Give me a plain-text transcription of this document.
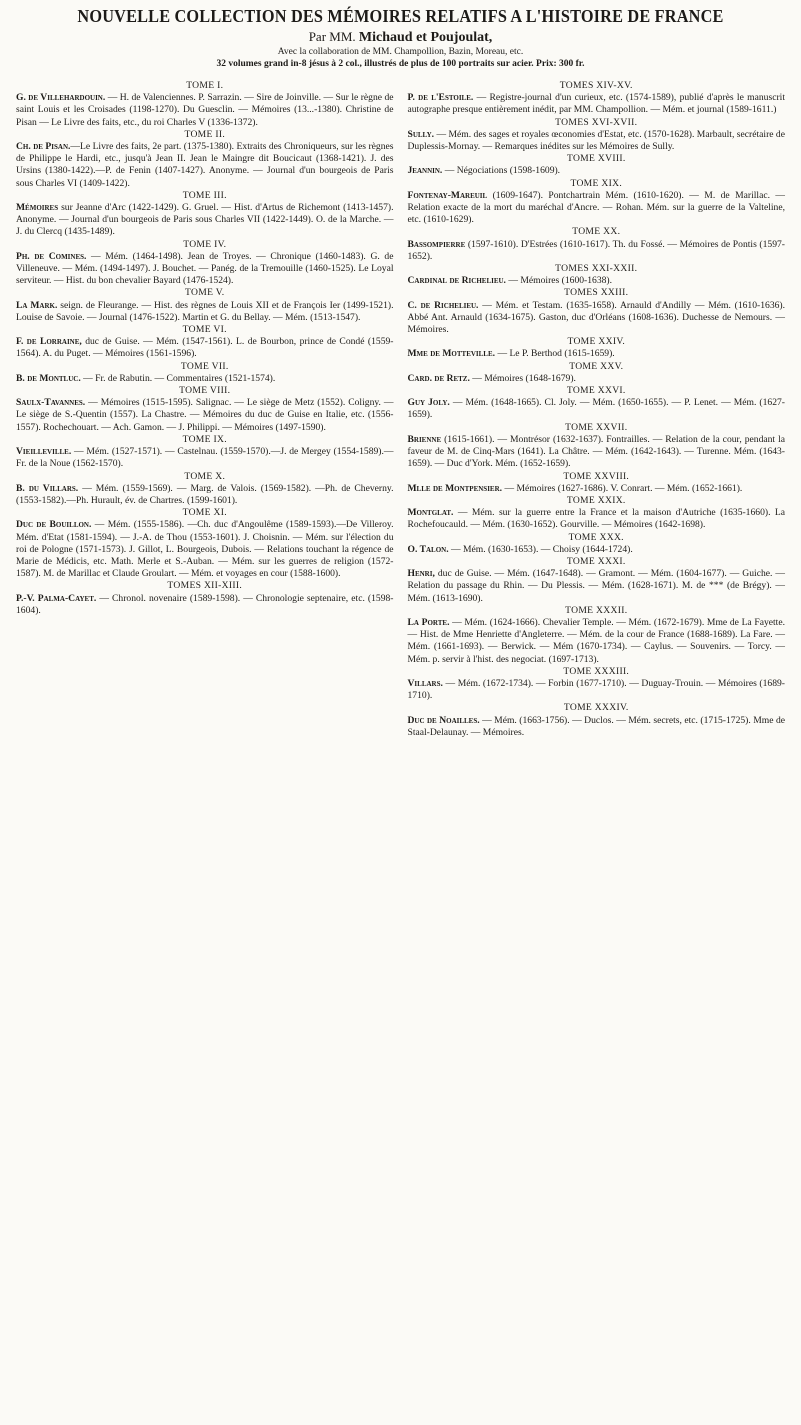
NOUVELLE COLLECTION DES MÉMOIRES RELATIFS A L'HISTOIRE DE FRANCE
Par MM. Michaud et Poujoulat,
Avec la collaboration de MM. Champollion, Bazin, Moreau, etc.
32 volumes grand in-8 jésus à 2 col., illustrés de plus de 100 portraits sur acier. Prix: 300 fr.
TOME I.
G. de Villehardouin. — H. de Valenciennes. P. Sarrazin. — Sire de Joinville. — Sur le règne de saint Louis et les Croisades (1198-1270). Du Guesclin. — Mémoires (13...-1380). Christine de Pisan — Le Livre des faits, etc., du roi Charles V (1336-1372).
TOME II.
Ch. de Pisan.—Le Livre des faits, 2e part. (1375-1380). Extraits des Chroniqueurs, sur les règnes de Philippe le Hardi, etc., jusqu'à Jean II. Jean le Maingre dit Boucicaut (1368-1421). J. des Ursins (1380-1422).—P. de Fenin (1407-1427). Anonyme. — Journal d'un bourgeois de Paris sous Charles VI (1409-1422).
TOME III.
Mémoires sur Jeanne d'Arc (1422-1429). G. Gruel. — Hist. d'Artus de Richemont (1413-1457). Anonyme. — Journal d'un bourgeois de Paris sous Charles VII (1422-1449). O. de la Marche. — J. du Clercq (1435-1489).
TOME IV.
Ph. de Comines. — Mém. (1464-1498). Jean de Troyes. — Chronique (1460-1483). G. de Villeneuve. — Mém. (1494-1497). J. Bouchet. — Panég. de la Tremouille (1460-1525). Le Loyal serviteur. — Hist. du bon chevalier Bayard (1476-1524).
TOME V.
La Mark. seign. de Fleurange. — Hist. des règnes de Louis XII et de François Ier (1499-1521). Louise de Savoie. — Journal (1476-1522). Martin et G. du Bellay. — Mém. (1513-1547).
TOME VI.
F. de Lorraine, duc de Guise. — Mém. (1547-1561). L. de Bourbon, prince de Condé (1559-1564). A. du Puget. — Mémoires (1561-1596).
TOME VII.
B. de Montluc. — Fr. de Rabutin. — Commentaires (1521-1574).
TOME VIII.
Saulx-Tavannes. — Mémoires (1515-1595). Salignac. — Le siège de Metz (1552). Coligny. — Le siège de S.-Quentin (1557). La Chastre. — Mémoires du duc de Guise en Italie, etc. (1556-1557). Rochechouart. — Ach. Gamon. — J. Philippi. — Mémoires (1497-1590).
TOME IX.
Vieilleville. — Mém. (1527-1571). — Castelnau. (1559-1570).—J. de Mergey (1554-1589).—Fr. de la Noue (1562-1570).
TOME X.
B. du Villars. — Mém. (1559-1569). — Marg. de Valois. (1569-1582). —Ph. de Cheverny. (1553-1582).—Ph. Hurault, év. de Chartres. (1599-1601).
TOME XI.
Duc de Bouillon. — Mém. (1555-1586). —Ch. duc d'Angoulême (1589-1593).—De Villeroy. Mém. d'Etat (1581-1594). — J.-A. de Thou (1553-1601). J. Choisnin. — Mém. sur l'élection du roi de Pologne (1571-1573). J. Gillot, L. Bourgeois, Dubois. — Relations touchant la régence de Marie de Médicis, etc. Math. Merle et S.-Auban. — Mém. sur les guerres de religion (1572-1587). M. de Marillac et Claude Groulart. — Mém. et voyages en cour (1588-1600).
TOMES XII-XIII.
P.-V. Palma-Cayet. — Chronol. novenaire (1589-1598). — Chronologie septenaire, etc. (1598-1604).
TOMES XIV-XV.
P. de l'Estoile. — Registre-journal d'un curieux, etc. (1574-1589), publié d'après le manuscrit autographe presque entièrement inédit, par MM. Champollion. — Mém. et journal (1589-1611.)
TOMES XVI-XVII.
Sully. — Mém. des sages et royales œconomies d'Estat, etc. (1570-1628). Marbault, secrétaire de Duplessis-Mornay. — Remarques inédites sur les Mémoires de Sully.
TOME XVIII.
Jeannin. — Négociations (1598-1609).
TOME XIX.
Fontenay-Mareuil (1609-1647). Pontchartrain Mém. (1610-1620). — M. de Marillac. — Relation exacte de la mort du maréchal d'Ancre. — Rohan. Mém. sur la guerre de la Valteline, etc. (1610-1629).
TOME XX.
Bassompierre (1597-1610). D'Estrées (1610-1617). Th. du Fossé. — Mémoires de Pontis (1597-1652).
TOMES XXI-XXII.
Cardinal de Richelieu. — Mémoires (1600-1638).
TOMES XXIII.
C. de Richelieu. — Mém. et Testam. (1635-1658). Arnauld d'Andilly — Mém. (1610-1636). Abbé Ant. Arnauld (1634-1675). Gaston, duc d'Orléans (1608-1636). Duchesse de Nemours. — Mémoires.
TOME XXIV.
Mme de Motteville. — Le P. Berthod (1615-1659).
TOME XXV.
Card. de Retz. — Mémoires (1648-1679).
TOME XXVI.
Guy Joly. — Mém. (1648-1665). Cl. Joly. — Mém. (1650-1655). — P. Lenet. — Mém. (1627-1659).
TOME XXVII.
Brienne (1615-1661). — Montrésor (1632-1637). Fontrailles. — Relation de la cour, pendant la faveur de M. de Cinq-Mars (1641). La Châtre. — Mém. (1642-1643). — Turenne. Mém. (1643-1659). — Duc d'York. Mém. (1652-1659).
TOME XXVIII.
Mlle de Montpensier. — Mémoires (1627-1686). V. Conrart. — Mém. (1652-1661).
TOME XXIX.
Montglat. — Mém. sur la guerre entre la France et la maison d'Autriche (1635-1660). La Rochefoucauld. — Mém. (1630-1652). Gourville. — Mémoires (1642-1698).
TOME XXX.
O. Talon. — Mém. (1630-1653). — Choisy (1644-1724).
TOME XXXI.
Henri, duc de Guise. — Mém. (1647-1648). — Gramont. — Mém. (1604-1677). — Guiche. — Relation du passage du Rhin. — Du Plessis. — Mém. (1628-1671). M. de *** (de Brégy). — Mém. (1613-1690).
TOME XXXII.
La Porte. — Mém. (1624-1666). Chevalier Temple. — Mém. (1672-1679). Mme de La Fayette. — Hist. de Mme Henriette d'Angleterre. — Mém. de la cour de France (1688-1689). La Fare. — Mém. (1661-1693). — Berwick. — Mém (1670-1734). — Caylus. — Souvenirs. — Torcy. — Mém. p. servir à l'hist. des negociat. (1697-1713).
TOME XXXIII.
Villars. — Mém. (1672-1734). — Forbin (1677-1710). — Duguay-Trouin. — Mémoires (1689-1710).
TOME XXXIV.
Duc de Noailles. — Mém. (1663-1756). — Duclos. — Mém. secrets, etc. (1715-1725). Mme de Staal-Delaunay. — Mémoires.
